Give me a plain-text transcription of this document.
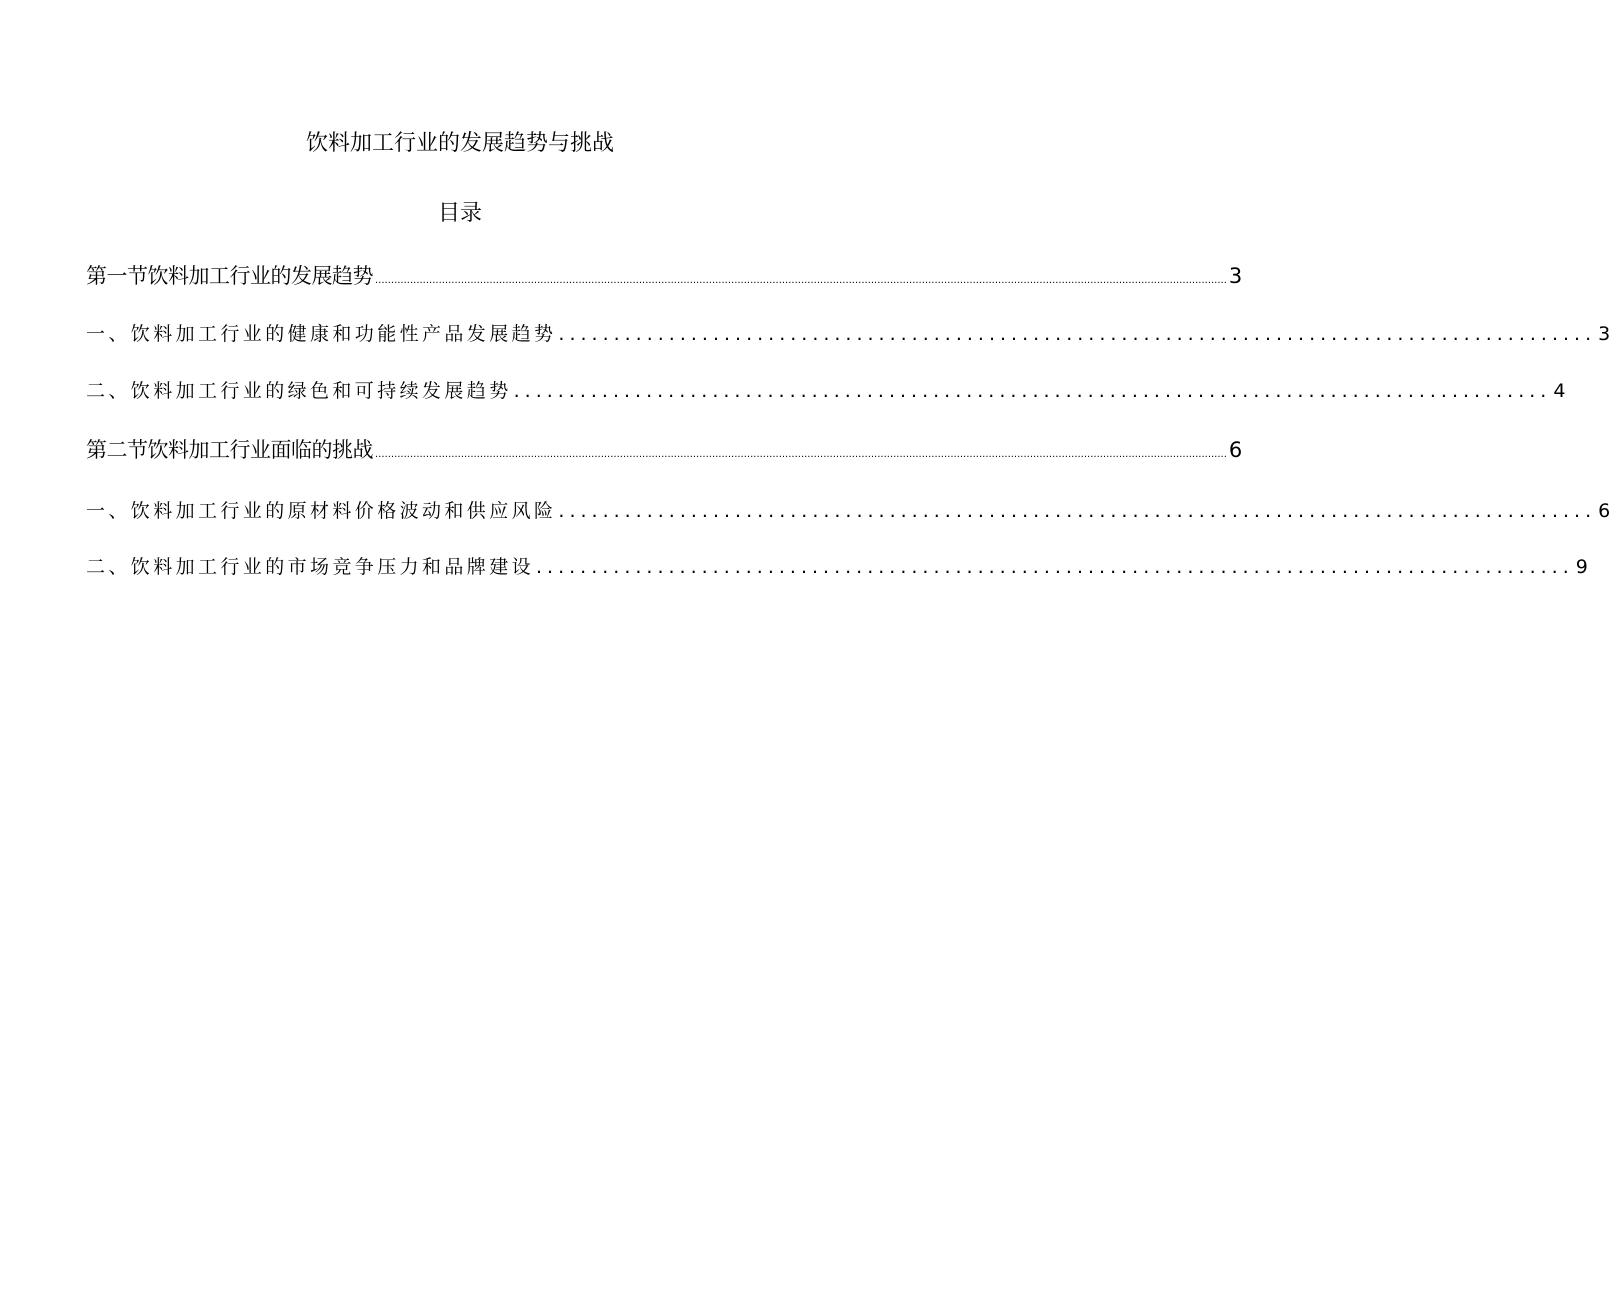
饮料加工行业的发展趋势与挑战
目录
第一节饮料加工行业的发展趋势 ............................................................................................................................................................................................................................................................................ 3
一、饮料加工行业的健康和功能性产品发展趋势 .............................................................................................. 3
二、饮料加工行业的绿色和可持续发展趋势 .............................................................................................. 4
第二节饮料加工行业面临的挑战 ............................................................................................................................................................................................................................................................................ 6
一、饮料加工行业的原材料价格波动和供应风险 .............................................................................................. 6
二、饮料加工行业的市场竞争压力和品牌建设 .............................................................................................. 9
